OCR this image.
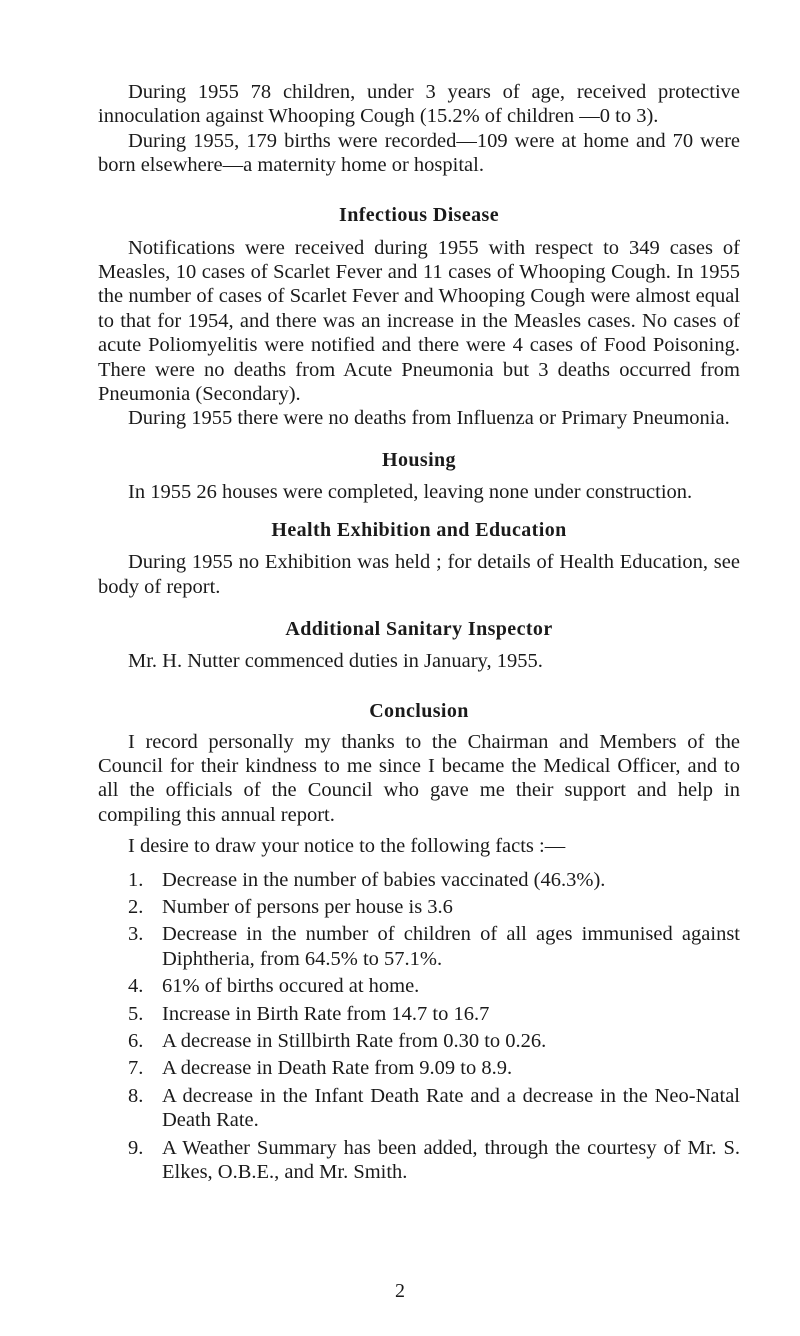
During 1955 78 children, under 3 years of age, received protective innoculation against Whooping Cough (15.2% of children —0 to 3).

During 1955, 179 births were recorded—109 were at home and 70 were born elsewhere—a maternity home or hospital.

Infectious Disease

Notifications were received during 1955 with respect to 349 cases of Measles, 10 cases of Scarlet Fever and 11 cases of Whooping Cough. In 1955 the number of cases of Scarlet Fever and Whooping Cough were almost equal to that for 1954, and there was an increase in the Measles cases. No cases of acute Poliomyelitis were notified and there were 4 cases of Food Poisoning. There were no deaths from Acute Pneumonia but 3 deaths occurred from Pneumonia (Secondary).

During 1955 there were no deaths from Influenza or Primary Pneumonia.

Housing

In 1955 26 houses were completed, leaving none under construction.

Health Exhibition and Education

During 1955 no Exhibition was held ; for details of Health Education, see body of report.

Additional Sanitary Inspector

Mr. H. Nutter commenced duties in January, 1955.

Conclusion

I record personally my thanks to the Chairman and Members of the Council for their kindness to me since I became the Medical Officer, and to all the officials of the Council who gave me their support and help in compiling this annual report.

I desire to draw your notice to the following facts :—

1. Decrease in the number of babies vaccinated (46.3%).
2. Number of persons per house is 3.6
3. Decrease in the number of children of all ages immunised against Diphtheria, from 64.5% to 57.1%.
4. 61% of births occured at home.
5. Increase in Birth Rate from 14.7 to 16.7
6. A decrease in Stillbirth Rate from 0.30 to 0.26.
7. A decrease in Death Rate from 9.09 to 8.9.
8. A decrease in the Infant Death Rate and a decrease in the Neo-Natal Death Rate.
9. A Weather Summary has been added, through the courtesy of Mr. S. Elkes, O.B.E., and Mr. Smith.
2
